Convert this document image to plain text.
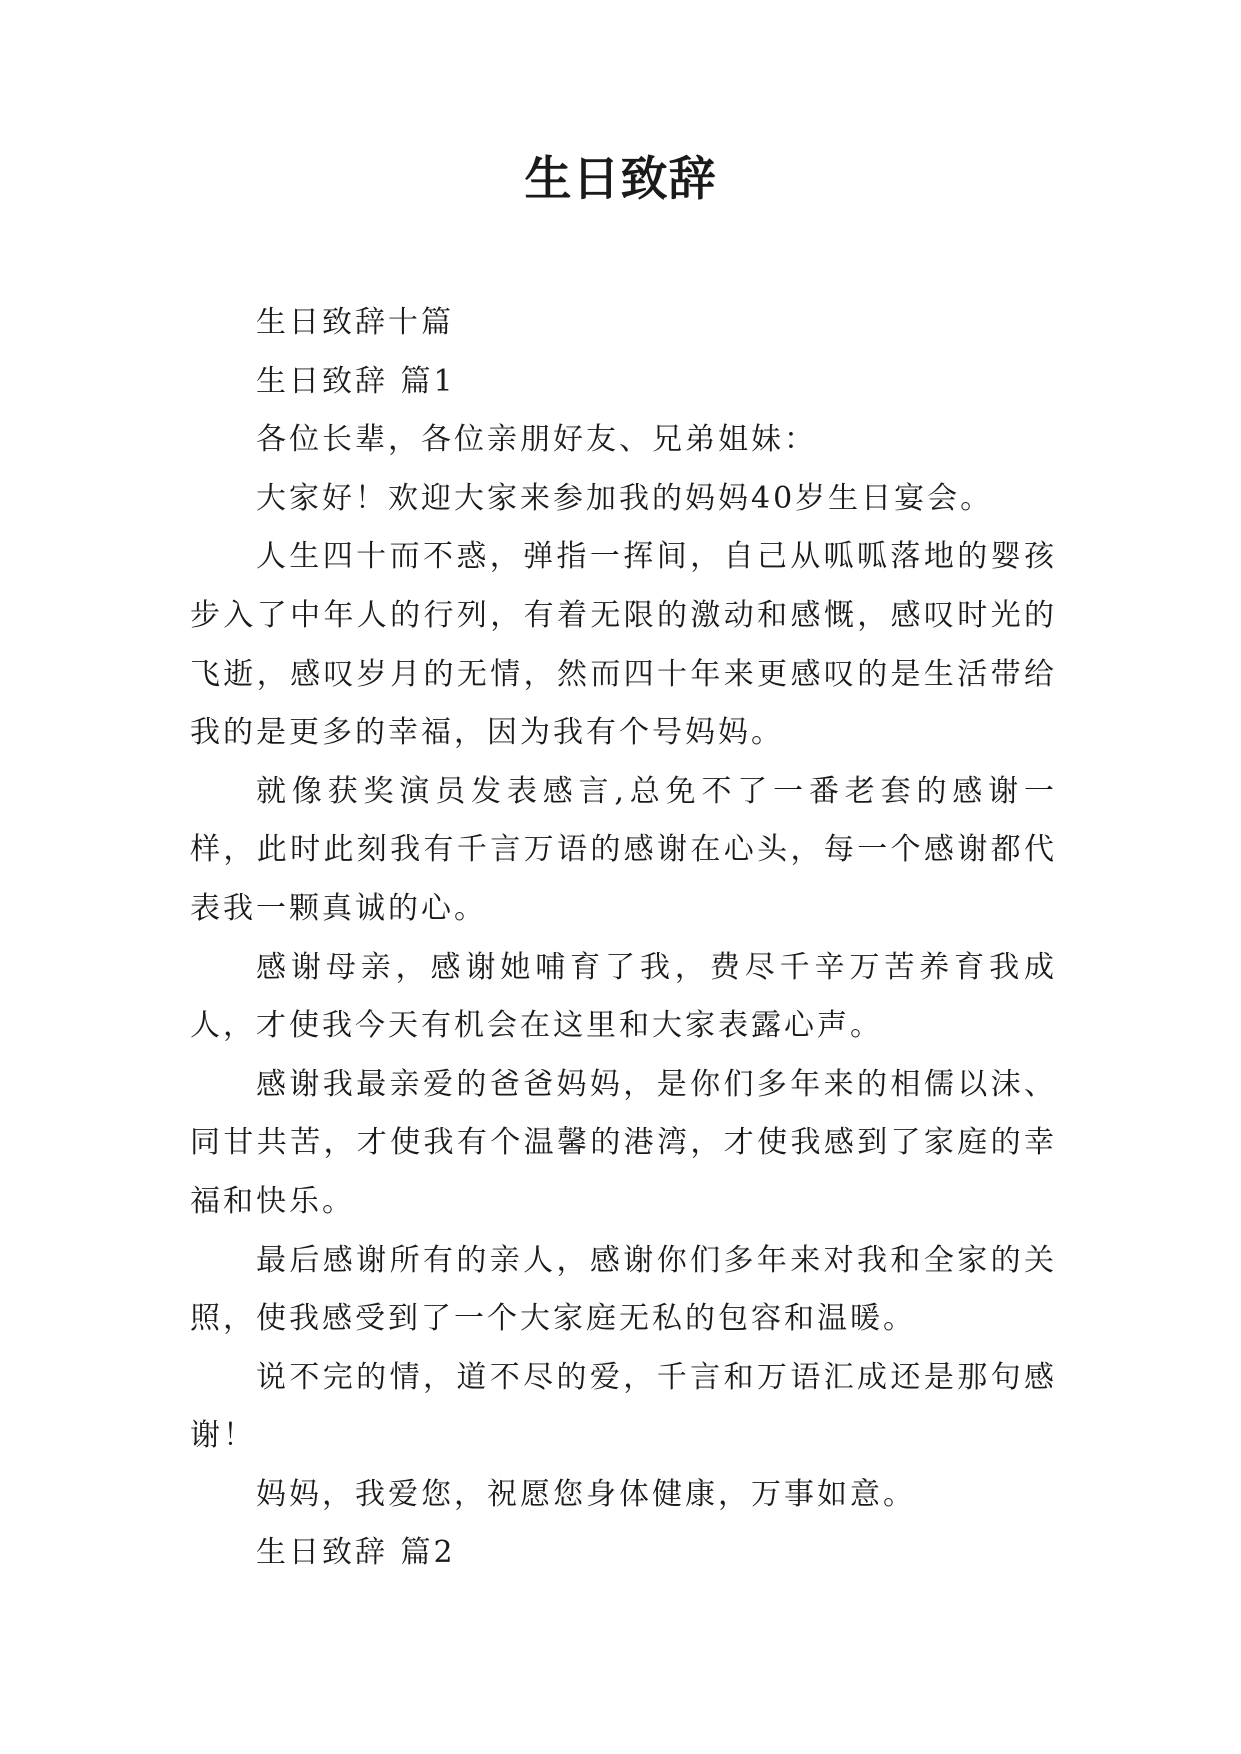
生日致辞

生日致辞十篇

生日致辞 篇1

各位长辈，各位亲朋好友、兄弟姐妹：

大家好！欢迎大家来参加我的妈妈40岁生日宴会。

人生四十而不惑，弹指一挥间，自己从呱呱落地的婴孩步入了中年人的行列，有着无限的激动和感慨，感叹时光的飞逝，感叹岁月的无情，然而四十年来更感叹的是生活带给我的是更多的幸福，因为我有个号妈妈。

就像获奖演员发表感言,总免不了一番老套的感谢一样，此时此刻我有千言万语的感谢在心头，每一个感谢都代表我一颗真诚的心。

感谢母亲，感谢她哺育了我，费尽千辛万苦养育我成人，才使我今天有机会在这里和大家表露心声。

感谢我最亲爱的爸爸妈妈，是你们多年来的相儒以沫、同甘共苦，才使我有个温馨的港湾，才使我感到了家庭的幸福和快乐。

最后感谢所有的亲人，感谢你们多年来对我和全家的关照，使我感受到了一个大家庭无私的包容和温暖。

说不完的情，道不尽的爱，千言和万语汇成还是那句感谢！

妈妈，我爱您，祝愿您身体健康，万事如意。

生日致辞 篇2
